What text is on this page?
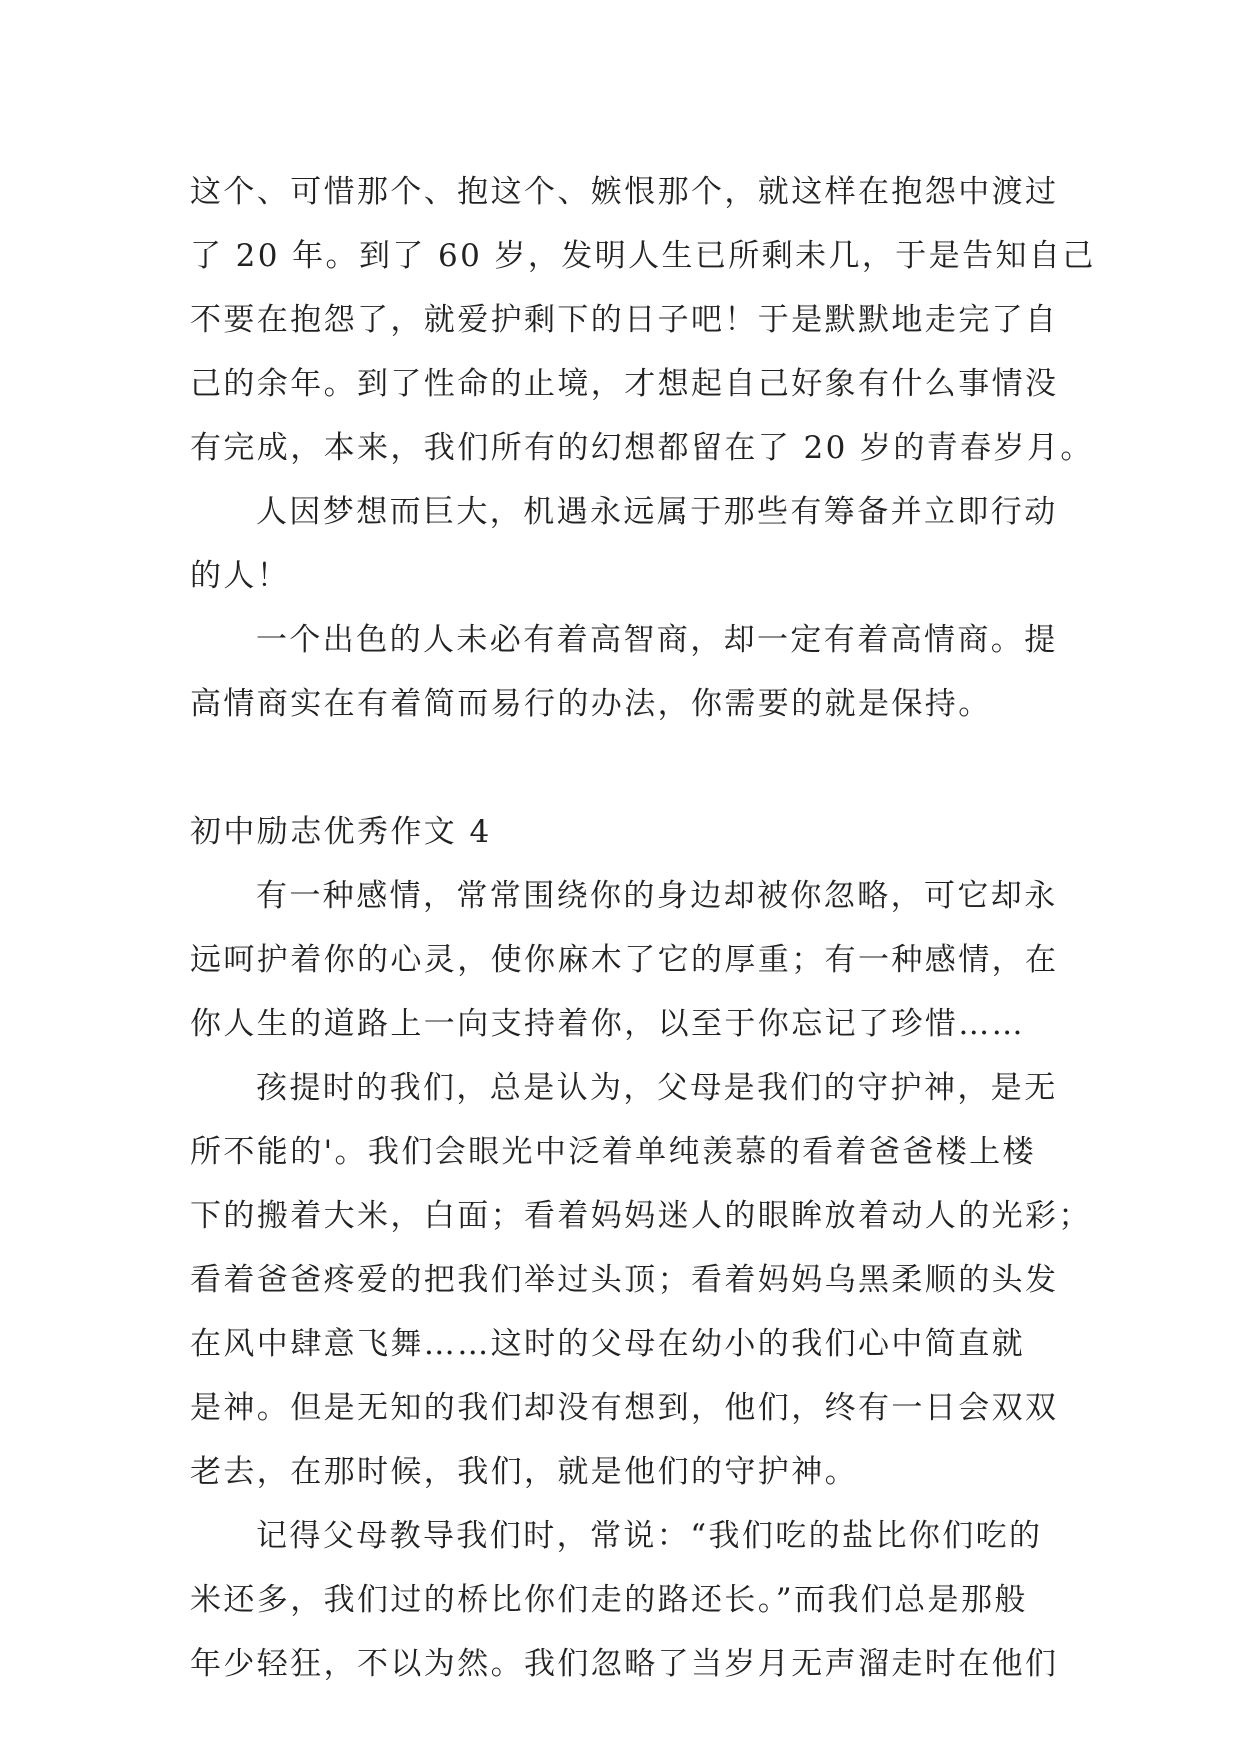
这个、可惜那个、抱这个、嫉恨那个，就这样在抱怨中渡过
了 20 年。到了 60 岁，发明人生已所剩未几，于是告知自己
不要在抱怨了，就爱护剩下的日子吧！于是默默地走完了自
己的余年。到了性命的止境，才想起自己好象有什么事情没
有完成，本来，我们所有的幻想都留在了 20 岁的青春岁月。
人因梦想而巨大，机遇永远属于那些有筹备并立即行动
的人！
一个出色的人未必有着高智商，却一定有着高情商。提
高情商实在有着简而易行的办法，你需要的就是保持。
初中励志优秀作文 4
有一种感情，常常围绕你的身边却被你忽略，可它却永
远呵护着你的心灵，使你麻木了它的厚重；有一种感情，在
你人生的道路上一向支持着你，以至于你忘记了珍惜……
孩提时的我们，总是认为，父母是我们的守护神，是无
所不能的'。我们会眼光中泛着单纯羡慕的看着爸爸楼上楼
下的搬着大米，白面；看着妈妈迷人的眼眸放着动人的光彩；
看着爸爸疼爱的把我们举过头顶；看着妈妈乌黑柔顺的头发
在风中肆意飞舞……这时的父母在幼小的我们心中简直就
是神。但是无知的我们却没有想到，他们，终有一日会双双
老去，在那时候，我们，就是他们的守护神。
记得父母教导我们时，常说：“我们吃的盐比你们吃的
米还多，我们过的桥比你们走的路还长。”而我们总是那般
年少轻狂，不以为然。我们忽略了当岁月无声溜走时在他们
